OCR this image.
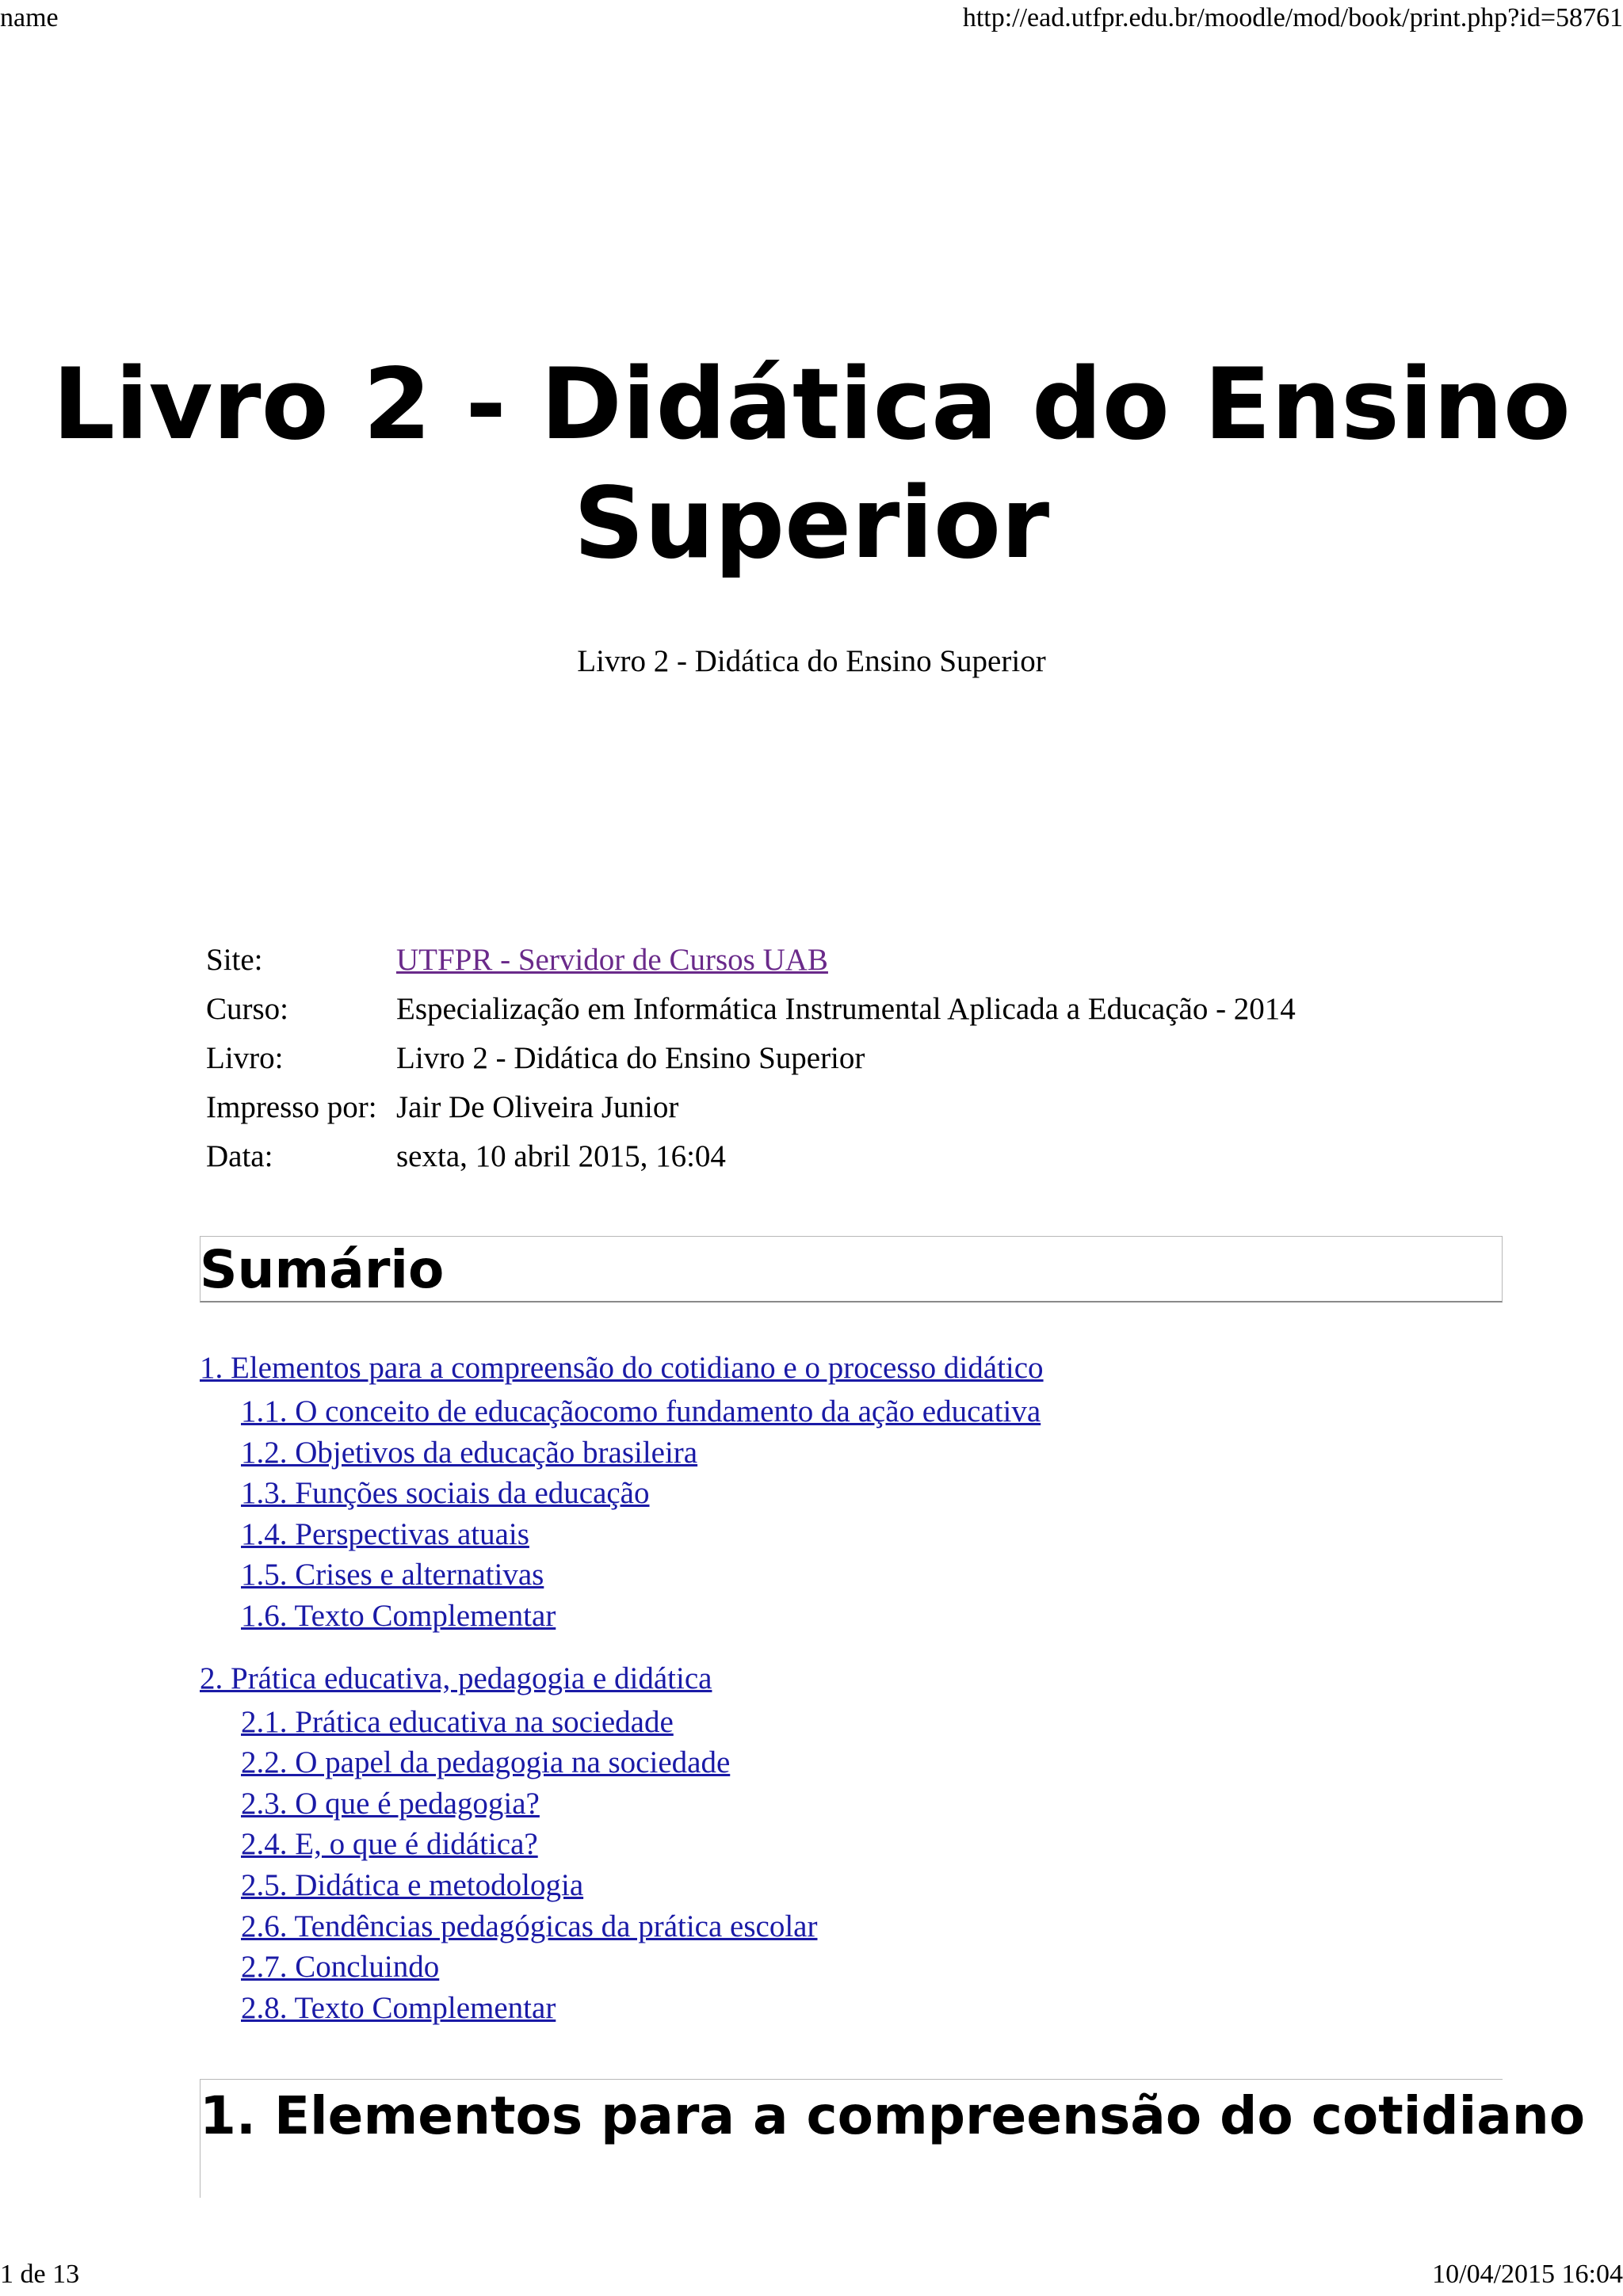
name	http://ead.utfpr.edu.br/moodle/mod/book/print.php?id=58761
Livro 2 - Didática do Ensino Superior

Livro 2 - Didática do Ensino Superior

Site:	UTFPR - Servidor de Cursos UAB
Curso:	Especialização em Informática Instrumental Aplicada a Educação - 2014
Livro:	Livro 2 - Didática do Ensino Superior
Impresso por:	Jair De Oliveira Junior
Data:	sexta, 10 abril 2015, 16:04
Sumário
1. Elementos para a compreensão do cotidiano e o processo didático
1.1. O conceito de educaçãocomo fundamento da ação educativa
1.2. Objetivos da educação brasileira
1.3. Funções sociais da educação
1.4. Perspectivas atuais
1.5. Crises e alternativas
1.6. Texto Complementar
2. Prática educativa, pedagogia e didática
2.1. Prática educativa na sociedade
2.2. O papel da pedagogia na sociedade
2.3. O que é pedagogia?
2.4. E, o que é didática?
2.5. Didática e metodologia
2.6. Tendências pedagógicas da prática escolar
2.7. Concluindo
2.8. Texto Complementar
1. Elementos para a compreensão do cotidiano
1 de 13	10/04/2015 16:04
